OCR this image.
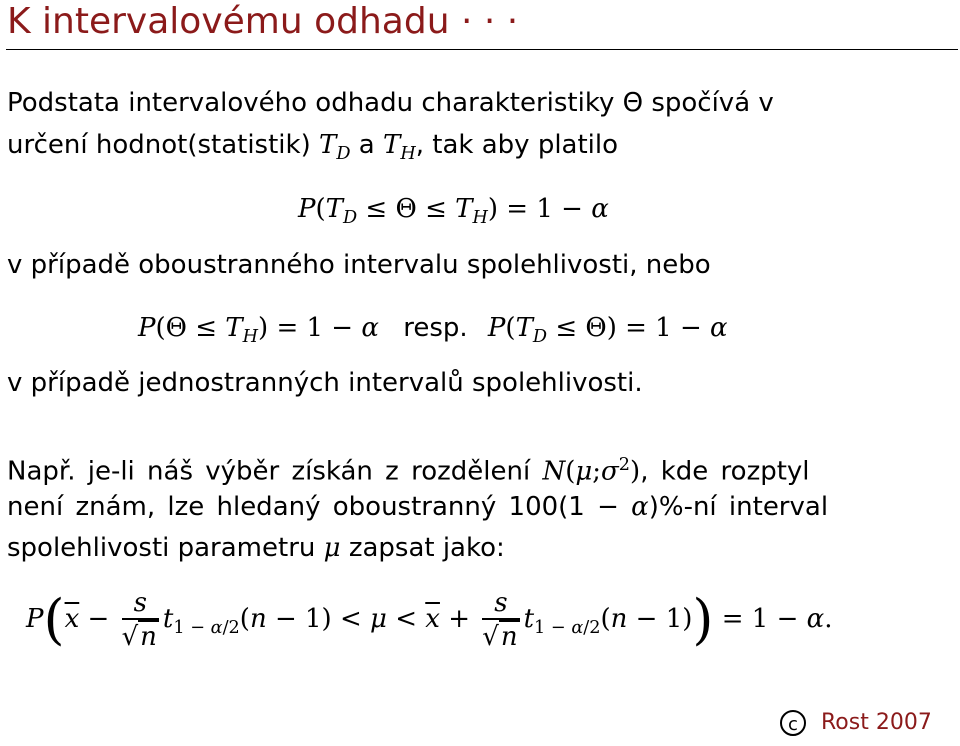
K intervalovému odhadu · · ·
Podstata intervalového odhadu charakteristiky Θ spočívá v
určení hodnot(statistik) $T_D$ a $T_H$, tak aby platilo
$P(T_D \le \Theta \le T_H) = 1 - \alpha$
v případě oboustranného intervalu spolehlivosti, nebo
$P(\Theta \le T_H) = 1 - \alpha$ resp. $P(T_D \le \Theta) = 1 - \alpha$
v případě jednostranných intervalů spolehlivosti.
Např. je-li náš výběr získán z rozdělení $N(\mu;\sigma^2)$, kde rozptyl
není znám, lze hledaný oboustranný 100(1 − α)%-ní interval
spolehlivosti parametru μ zapsat jako:
$P(\overline{x} - \frac{s}{√n} t_{1 - \alpha/2}(n - 1) < \mu < \overline{x} + \frac{s}{√n} t_{1 - \alpha/2}(n - 1)) = 1 - \alpha$.
c Rost 2007
